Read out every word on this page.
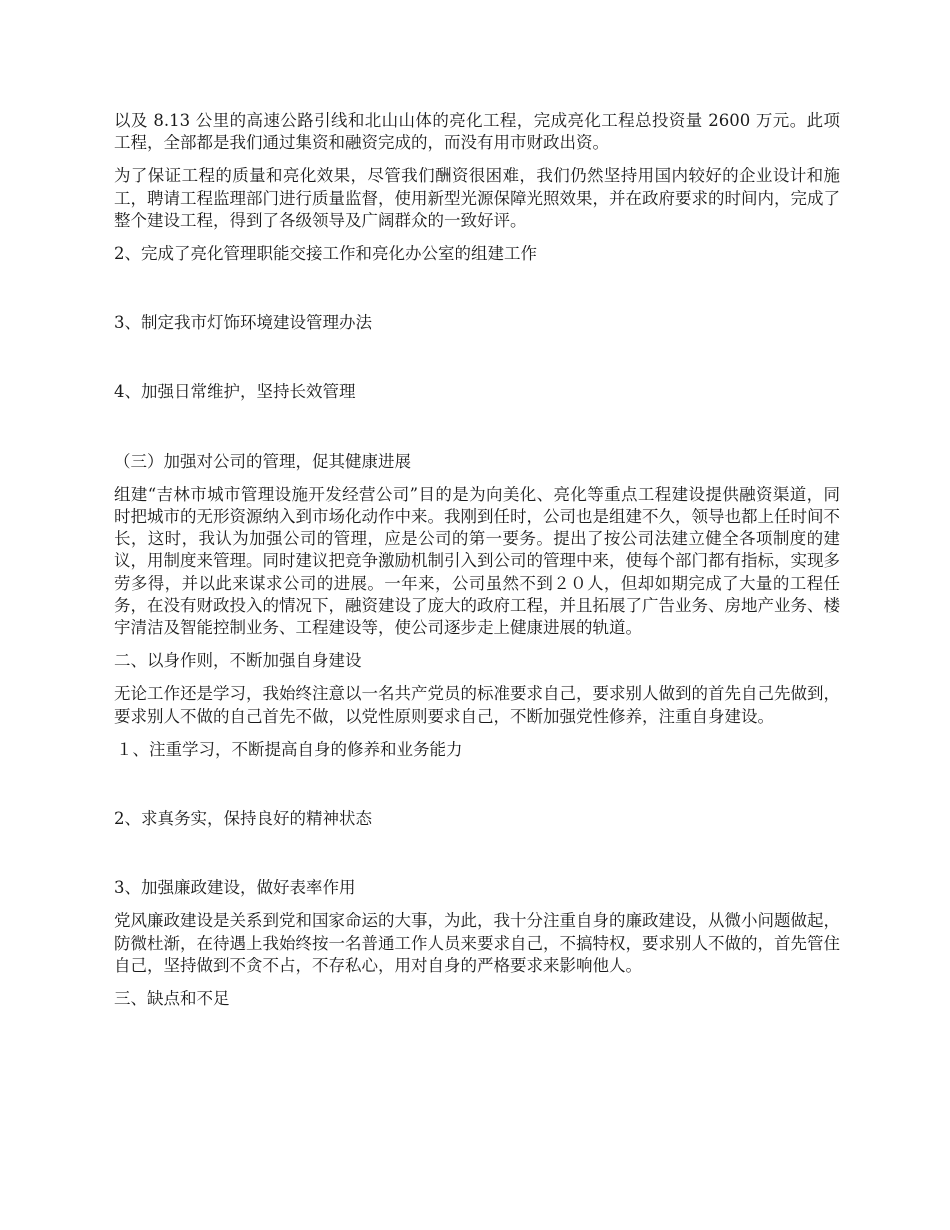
以及 8.13 公里的高速公路引线和北山山体的亮化工程，完成亮化工程总投资量 2600 万元。此项工程，全部都是我们通过集资和融资完成的，而没有用市财政出资。

为了保证工程的质量和亮化效果，尽管我们酬资很困难，我们仍然坚持用国内较好的企业设计和施工，聘请工程监理部门进行质量监督，使用新型光源保障光照效果，并在政府要求的时间内，完成了整个建设工程，得到了各级领导及广阔群众的一致好评。

2、完成了亮化管理职能交接工作和亮化办公室的组建工作

3、制定我市灯饰环境建设管理办法

4、加强日常维护，坚持长效管理

（三）加强对公司的管理，促其健康进展

组建“吉林市城市管理设施开发经营公司”目的是为向美化、亮化等重点工程建设提供融资渠道，同时把城市的无形资源纳入到市场化动作中来。我刚到任时，公司也是组建不久，领导也都上任时间不长，这时，我认为加强公司的管理，应是公司的第一要务。提出了按公司法建立健全各项制度的建议，用制度来管理。同时建议把竞争激励机制引入到公司的管理中来，使每个部门都有指标，实现多劳多得，并以此来谋求公司的进展。一年来，公司虽然不到２０人，但却如期完成了大量的工程任务，在没有财政投入的情况下，融资建设了庞大的政府工程，并且拓展了广告业务、房地产业务、楼宇清洁及智能控制业务、工程建设等，使公司逐步走上健康进展的轨道。

二、以身作则，不断加强自身建设

无论工作还是学习，我始终注意以一名共产党员的标准要求自己，要求别人做到的首先自己先做到，要求别人不做的自己首先不做，以党性原则要求自己，不断加强党性修养，注重自身建设。

１、注重学习，不断提高自身的修养和业务能力

2、求真务实，保持良好的精神状态

3、加强廉政建设，做好表率作用

党风廉政建设是关系到党和国家命运的大事，为此，我十分注重自身的廉政建设，从微小问题做起，防微杜渐，在待遇上我始终按一名普通工作人员来要求自己，不搞特权，要求别人不做的，首先管住自己，坚持做到不贪不占，不存私心，用对自身的严格要求来影响他人。

三、缺点和不足
